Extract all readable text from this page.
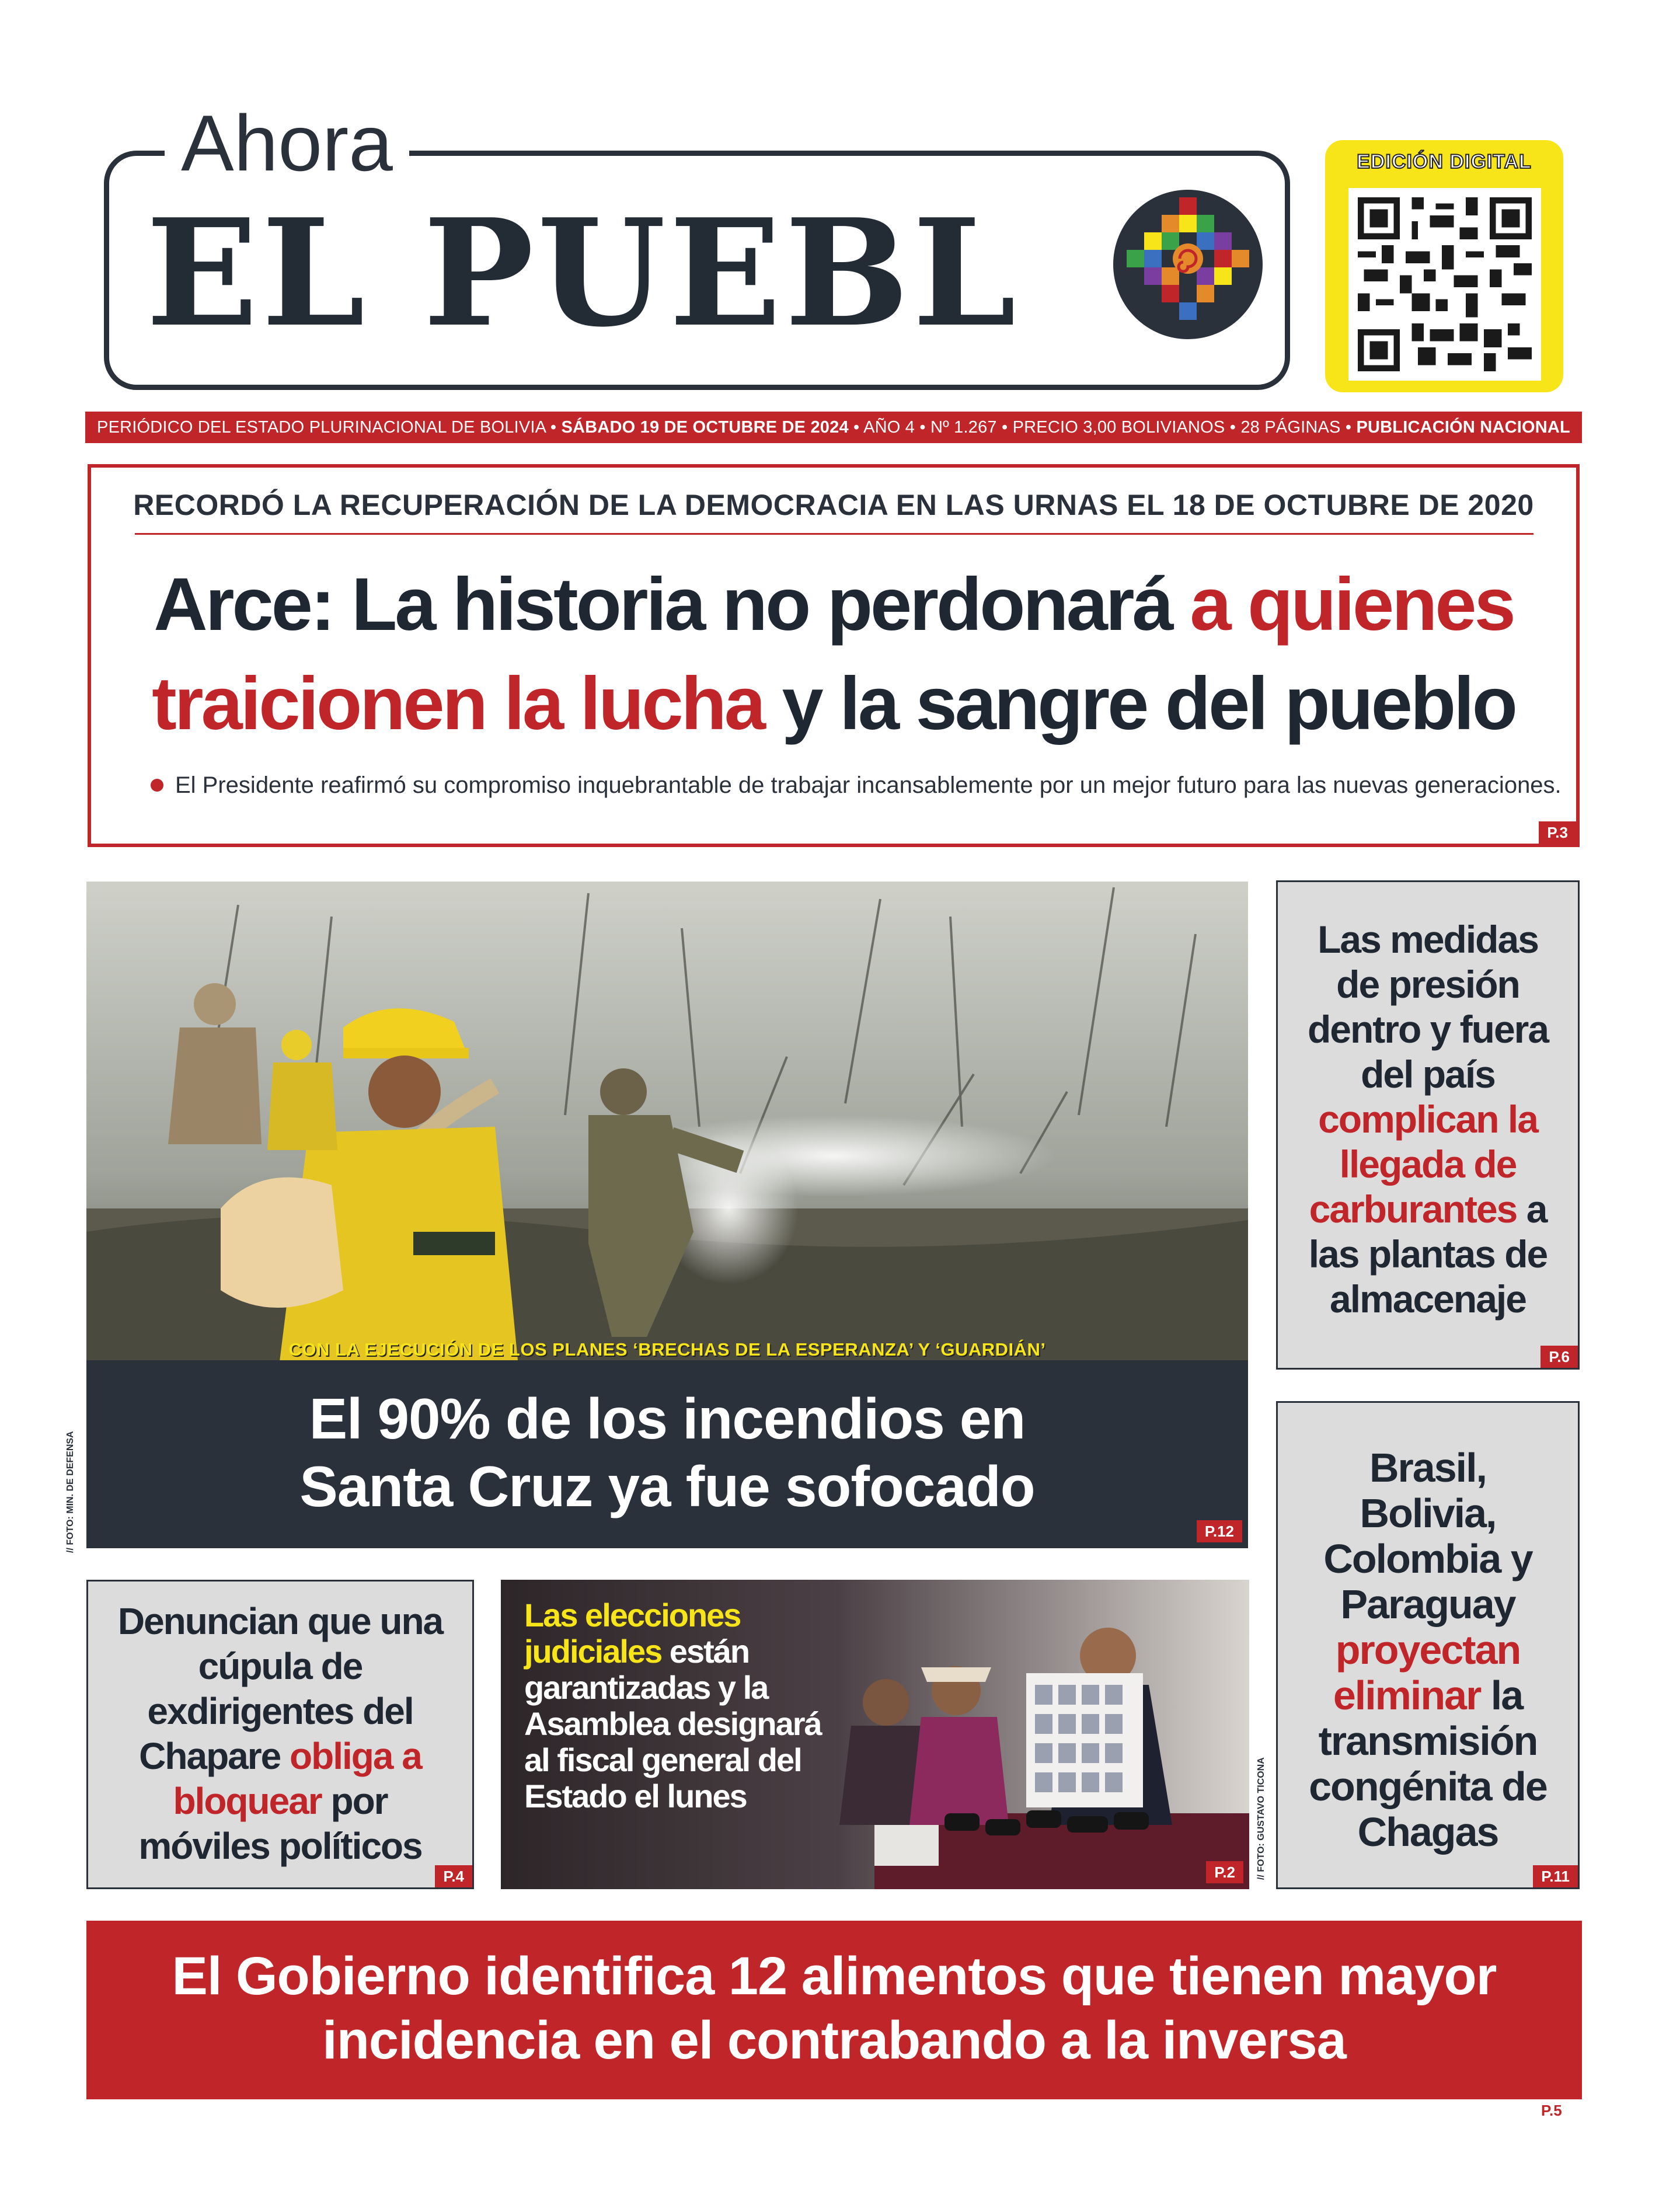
Ahora
EL PUEBL
EDICIÓN DIGITAL
PERIÓDICO DEL ESTADO PLURINACIONAL DE BOLIVIA • SÁBADO 19 DE OCTUBRE DE 2024 • AÑO 4 • Nº 1.267 • PRECIO 3,00 BOLIVIANOS • 28 PÁGINAS • PUBLICACIÓN NACIONAL
RECORDÓ LA RECUPERACIÓN DE LA DEMOCRACIA EN LAS URNAS EL 18 DE OCTUBRE DE 2020
Arce: La historia no perdonará a quienes traicionen la lucha y la sangre del pueblo
El Presidente reafirmó su compromiso inquebrantable de trabajar incansablemente por un mejor futuro para las nuevas generaciones.
P.3
CON LA EJECUCIÓN DE LOS PLANES ‘BRECHAS DE LA ESPERANZA’ Y ‘GUARDIÁN’
El 90% de los incendios en
Santa Cruz ya fue sofocado
P.12
// FOTO: MIN. DE DEFENSA
Las medidas de presión dentro y fuera del país complican la llegada de carburantes a las plantas de almacenaje
P.6
Brasil, Bolivia, Colombia y Paraguay proyectan eliminar la transmisión congénita de Chagas
P.11
Denuncian que una cúpula de exdirigentes del Chapare obliga a bloquear por móviles políticos
P.4
Las elecciones judiciales están garantizadas y la Asamblea designará al fiscal general del Estado el lunes
P.2	// FOTO: GUSTAVO TICONA
El Gobierno identifica 12 alimentos que tienen mayor
incidencia en el contrabando a la inversa
P.5
